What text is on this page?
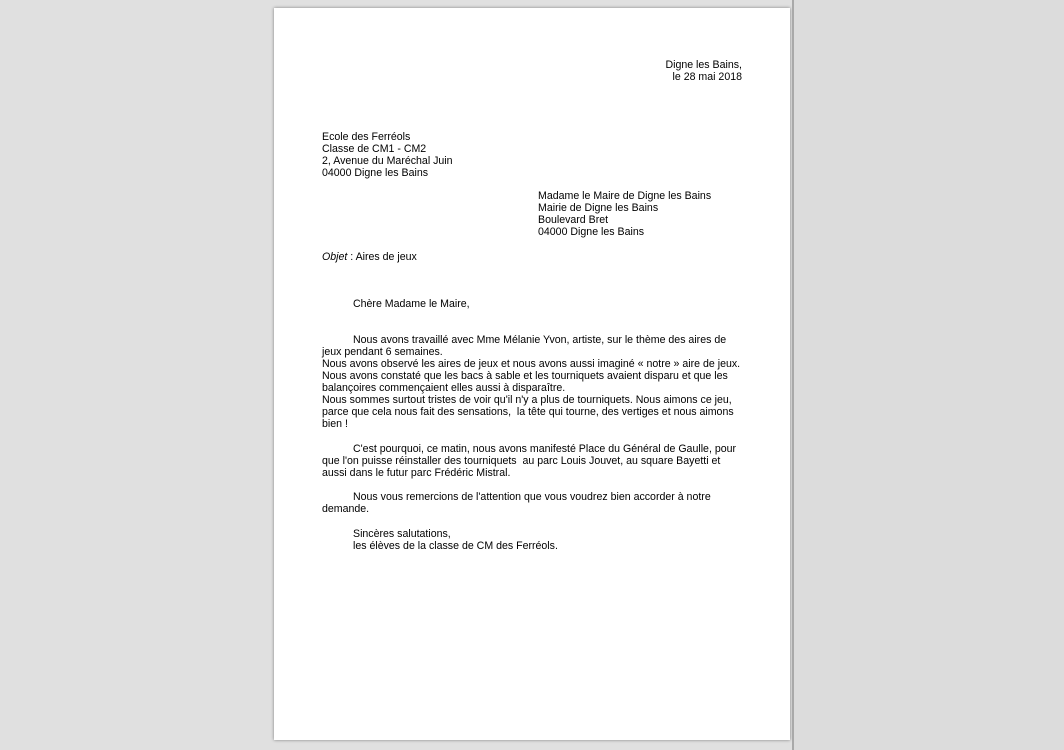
Digne les Bains,
le 28 mai 2018
Ecole des Ferréols
Classe de CM1 - CM2
2, Avenue du Maréchal Juin
04000 Digne les Bains
Madame le Maire de Digne les Bains
Mairie de Digne les Bains
Boulevard Bret
04000 Digne les Bains
Objet : Aires de jeux
Chère Madame le Maire,
Nous avons travaillé avec Mme Mélanie Yvon, artiste, sur le thème des aires de
jeux pendant 6 semaines.
Nous avons observé les aires de jeux et nous avons aussi imaginé « notre » aire de jeux.
Nous avons constaté que les bacs à sable et les tourniquets avaient disparu et que les
balançoires commençaient elles aussi à disparaître.
Nous sommes surtout tristes de voir qu'il n'y a plus de tourniquets. Nous aimons ce jeu,
parce que cela nous fait des sensations,  la tête qui tourne, des vertiges et nous aimons
bien !
C'est pourquoi, ce matin, nous avons manifesté Place du Général de Gaulle, pour
que l'on puisse réinstaller des tourniquets  au parc Louis Jouvet, au square Bayetti et
aussi dans le futur parc Frédéric Mistral.
Nous vous remercions de l'attention que vous voudrez bien accorder à notre
demande.
Sincères salutations,
les élèves de la classe de CM des Ferréols.
